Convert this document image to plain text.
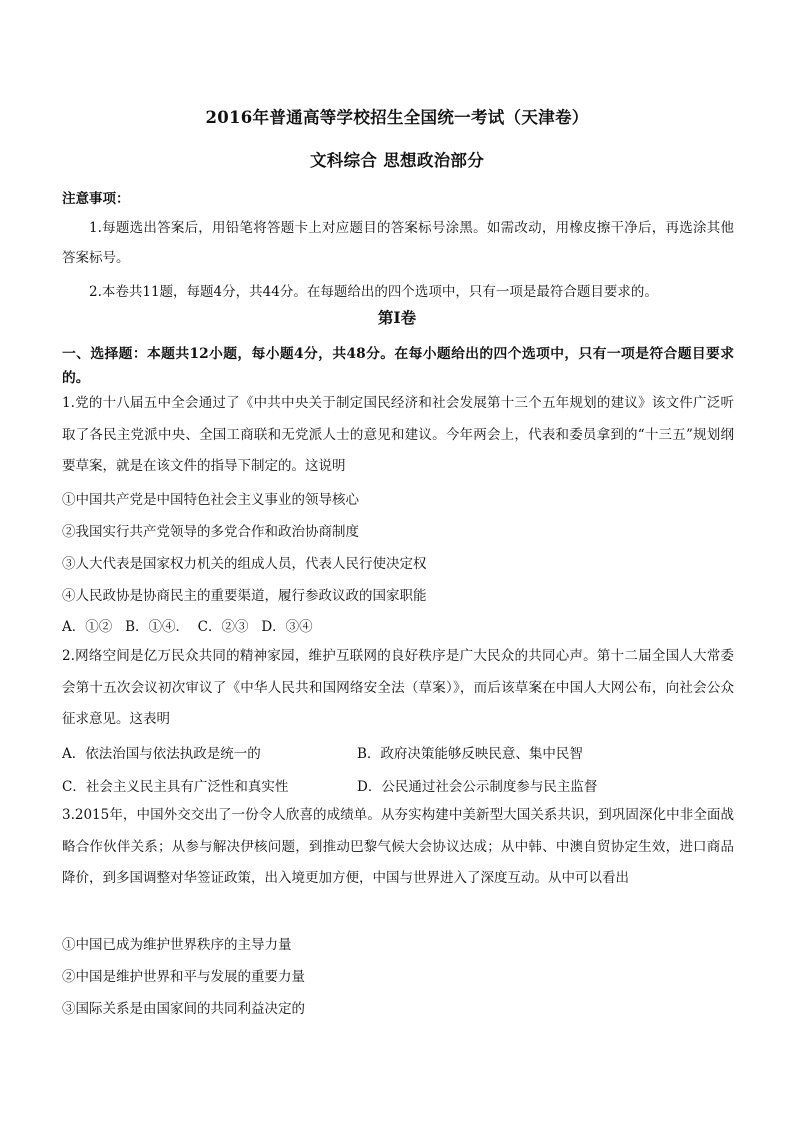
2016年普通高等学校招生全国统一考试（天津卷）
文科综合 思想政治部分
注意事项：
1.每题选出答案后，用铅笔将答题卡上对应题目的答案标号涂黑。如需改动，用橡皮擦干净后，再选涂其他答案标号。
2.本卷共11题，每题4分，共44分。在每题给出的四个选项中，只有一项是最符合题目要求的。
第Ⅰ卷
一、选择题：本题共12小题，每小题4分，共48分。在每小题给出的四个选项中，只有一项是符合题目要求的。
1.党的十八届五中全会通过了《中共中央关于制定国民经济和社会发展第十三个五年规划的建议》该文件广泛听取了各民主党派中央、全国工商联和无党派人士的意见和建议。今年两会上，代表和委员拿到的“十三五”规划纲要草案，就是在该文件的指导下制定的。这说明
①中国共产党是中国特色社会主义事业的领导核心
②我国实行共产党领导的多党合作和政治协商制度
③人大代表是国家权力机关的组成人员，代表人民行使决定权
④人民政协是协商民主的重要渠道，履行参政议政的国家职能
A．①②   B．①④．  C．②③   D．③④
2.网络空间是亿万民众共同的精神家园，维护互联网的良好秩序是广大民众的共同心声。第十二届全国人大常委会第十五次会议初次审议了《中华人民共和国网络安全法（草案）》，而后该草案在中国人大网公布，向社会公众征求意见。这表明
A．依法治国与依法执政是统一的	B．政府决策能够反映民意、集中民智
C．社会主义民主具有广泛性和真实性	D．公民通过社会公示制度参与民主监督
3.2015年，中国外交交出了一份令人欣喜的成绩单。从夯实构建中美新型大国关系共识，到巩固深化中非全面战略合作伙伴关系；从参与解决伊核问题，到推动巴黎气候大会协议达成；从中韩、中澳自贸协定生效，进口商品降价，到多国调整对华签证政策，出入境更加方便，中国与世界进入了深度互动。从中可以看出
①中国已成为维护世界秩序的主导力量
②中国是维护世界和平与发展的重要力量
③国际关系是由国家间的共同利益决定的
